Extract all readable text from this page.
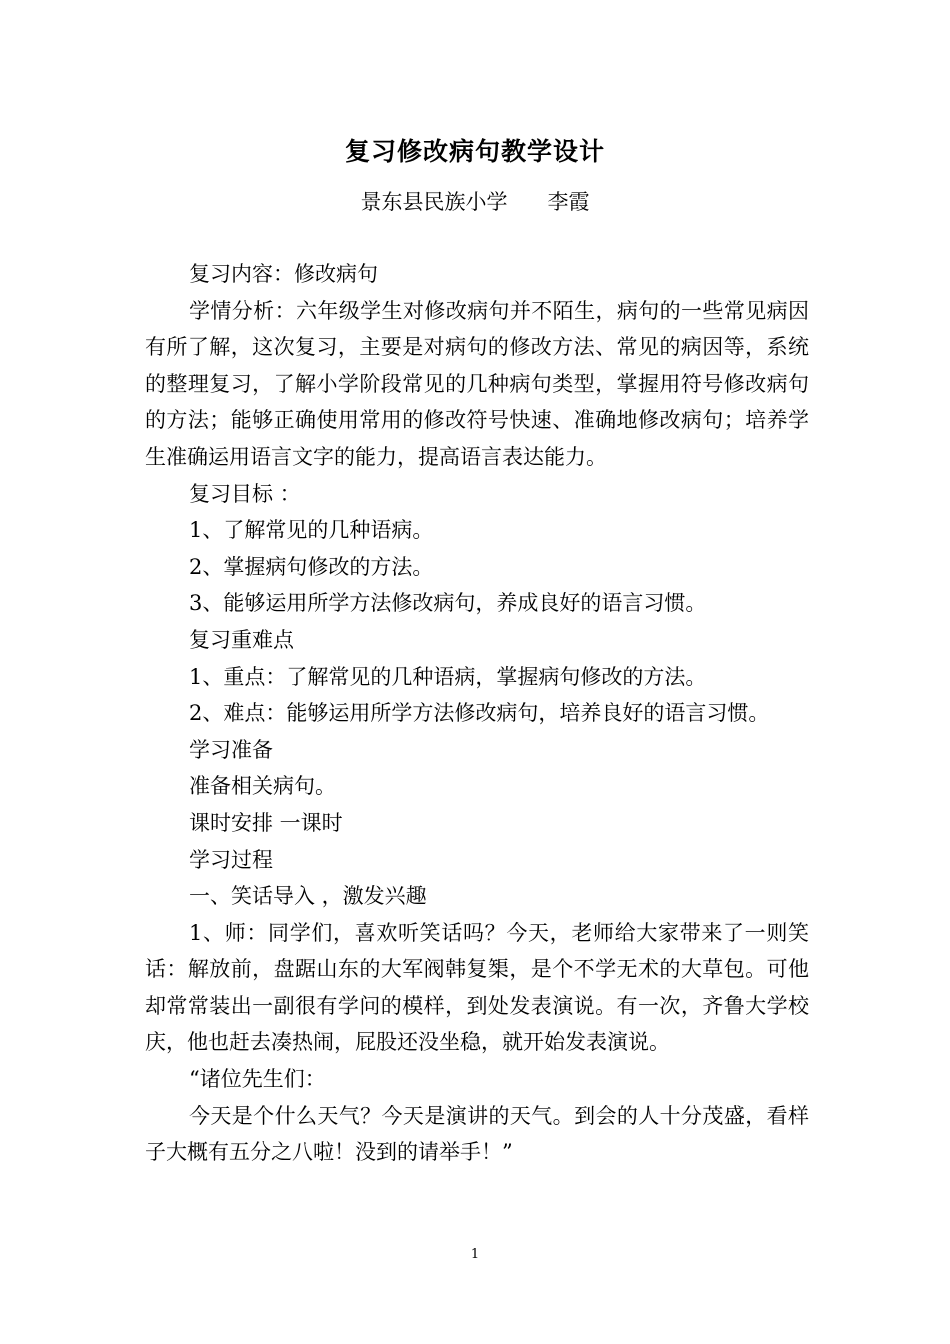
复习修改病句教学设计
景东县民族小学      李霞

复习内容：修改病句

学情分析：六年级学生对修改病句并不陌生，病句的一些常见病因有所了解，这次复习，主要是对病句的修改方法、常见的病因等，系统的整理复习，了解小学阶段常见的几种病句类型，掌握用符号修改病句的方法；能够正确使用常用的修改符号快速、准确地修改病句；培养学生准确运用语言文字的能力，提高语言表达能力。

复习目标 ：

1、了解常见的几种语病。

2、掌握病句修改的方法。

3、能够运用所学方法修改病句，养成良好的语言习惯。

复习重难点

1、重点：了解常见的几种语病，掌握病句修改的方法。

2、难点：能够运用所学方法修改病句，培养良好的语言习惯。

学习准备

准备相关病句。

课时安排 一课时

学习过程

一、笑话导入 ，激发兴趣

1、师：同学们，喜欢听笑话吗？今天，老师给大家带来了一则笑话：解放前，盘踞山东的大军阀韩复榘，是个不学无术的大草包。可他却常常装出一副很有学问的模样，到处发表演说。有一次，齐鲁大学校庆，他也赶去凑热闹，屁股还没坐稳，就开始发表演说。

“诸位先生们：

今天是个什么天气？今天是演讲的天气。到会的人十分茂盛，看样子大概有五分之八啦！没到的请举手！”

1
